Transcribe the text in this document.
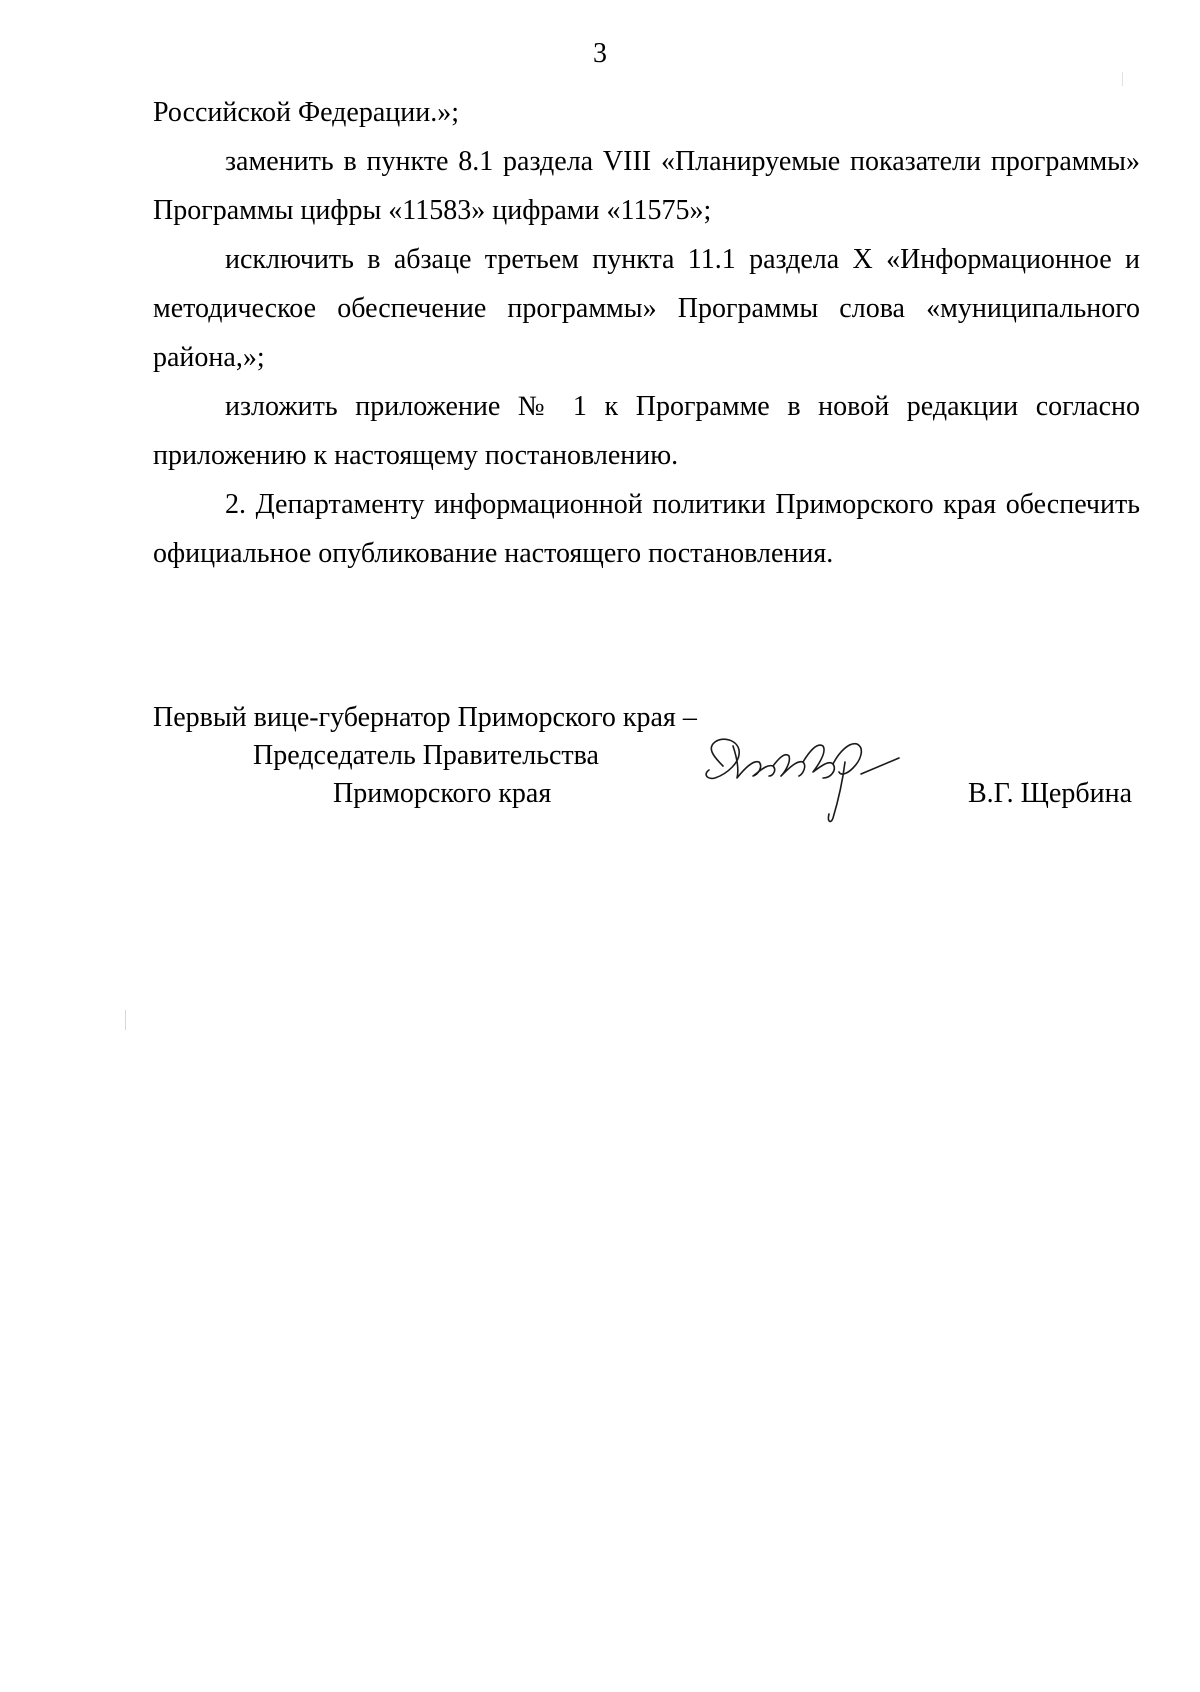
3

Российской Федерации.»;

заменить в пункте 8.1 раздела VIII «Планируемые показатели программы» Программы цифры «11583» цифрами «11575»;

исключить в абзаце третьем пункта 11.1 раздела X «Информационное и методическое обеспечение программы» Программы слова «муниципального района,»;

изложить приложение № 1 к Программе в новой редакции согласно приложению к настоящему постановлению.

2. Департаменту информационной политики Приморского края обеспечить официальное опубликование настоящего постановления.

Первый вице-губернатор Приморского края –
Председатель Правительства
Приморского края	В.Г. Щербина
